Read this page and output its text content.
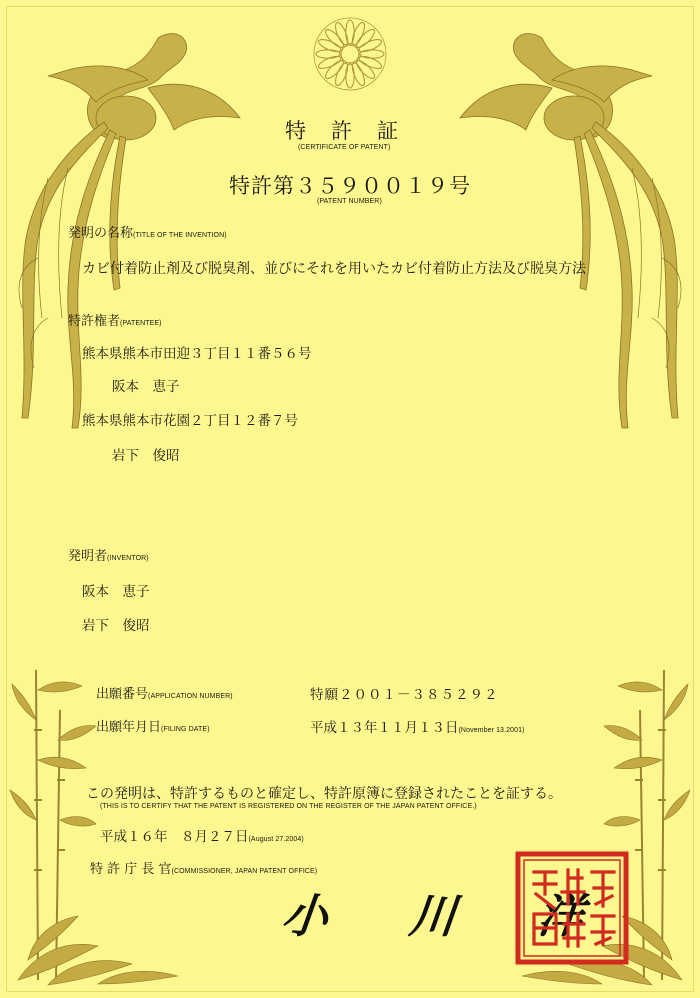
特　許　証
(CERTIFICATE OF PATENT)
特許第３５９００１９号
(PATENT NUMBER)
発明の名称(TITLE OF THE INVENTION)
カビ付着防止剤及び脱臭剤、並びにそれを用いたカビ付着防止方法及び脱臭方法
特許権者(PATENTEE)
熊本県熊本市田迎３丁目１１番５６号
阪本　恵子
熊本県熊本市花園２丁目１２番７号
岩下　俊昭
発明者(INVENTOR)
阪本　恵子
岩下　俊昭
出願番号(APPLICATION NUMBER)	特願２００１－３８５２９２
出願年月日(FILING DATE)	平成１３年１１月１３日(November 13.2001)
この発明は、特許するものと確定し、特許原簿に登録されたことを証する。
(THIS IS TO CERTIFY THAT THE PATENT IS REGISTERED ON THE REGISTER OF THE JAPAN PATENT OFFICE.)
平成１６年　８月２７日(August 27.2004)
特 許 庁 長 官(COMMISSIONER, JAPAN PATENT OFFICE)
小　川　洋
